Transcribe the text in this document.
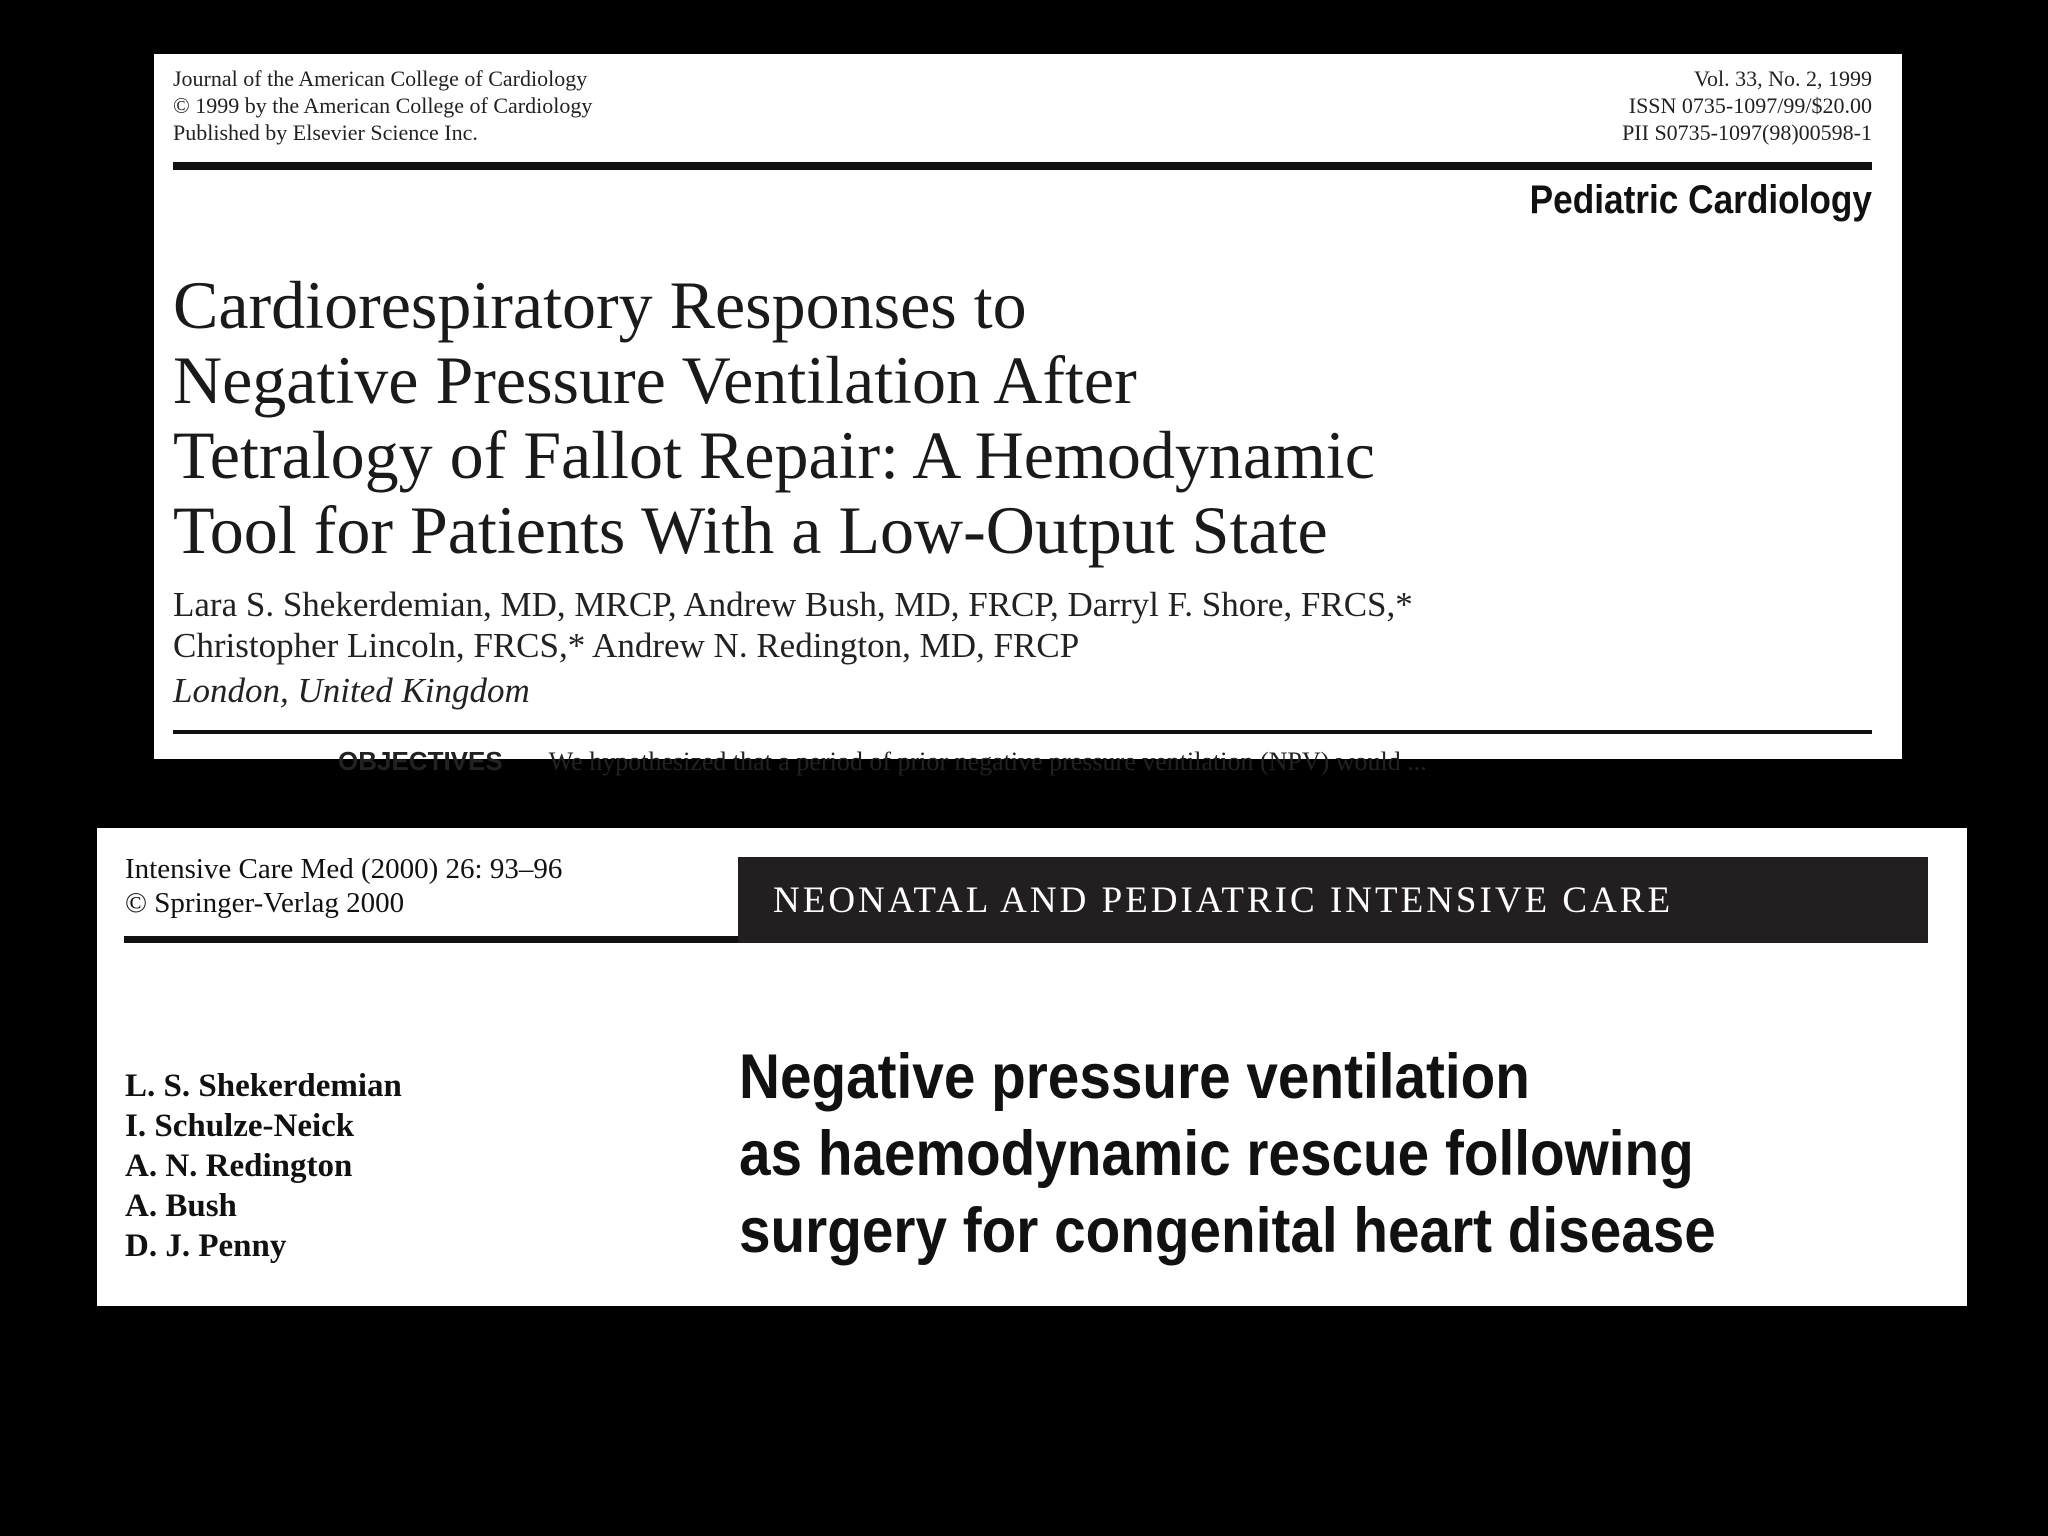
Journal of the American College of Cardiology
© 1999 by the American College of Cardiology
Published by Elsevier Science Inc.
Vol. 33, No. 2, 1999
ISSN 0735-1097/99/$20.00
PII S0735-1097(98)00598-1
Pediatric Cardiology
Cardiorespiratory Responses to
Negative Pressure Ventilation After
Tetralogy of Fallot Repair: A Hemodynamic
Tool for Patients With a Low-Output State
Lara S. Shekerdemian, MD, MRCP, Andrew Bush, MD, FRCP, Darryl F. Shore, FRCS,*
Christopher Lincoln, FRCS,* Andrew N. Redington, MD, FRCP
London, United Kingdom
OBJECTIVES We hypothesized that a period of prior negative pressure ventilation (NPV) would ...
Intensive Care Med (2000) 26: 93–96
© Springer-Verlag 2000	NEONATAL AND PEDIATRIC INTENSIVE CARE
L. S. Shekerdemian
I. Schulze-Neick
A. N. Redington
A. Bush
D. J. Penny
Negative pressure ventilation
as haemodynamic rescue following
surgery for congenital heart disease
